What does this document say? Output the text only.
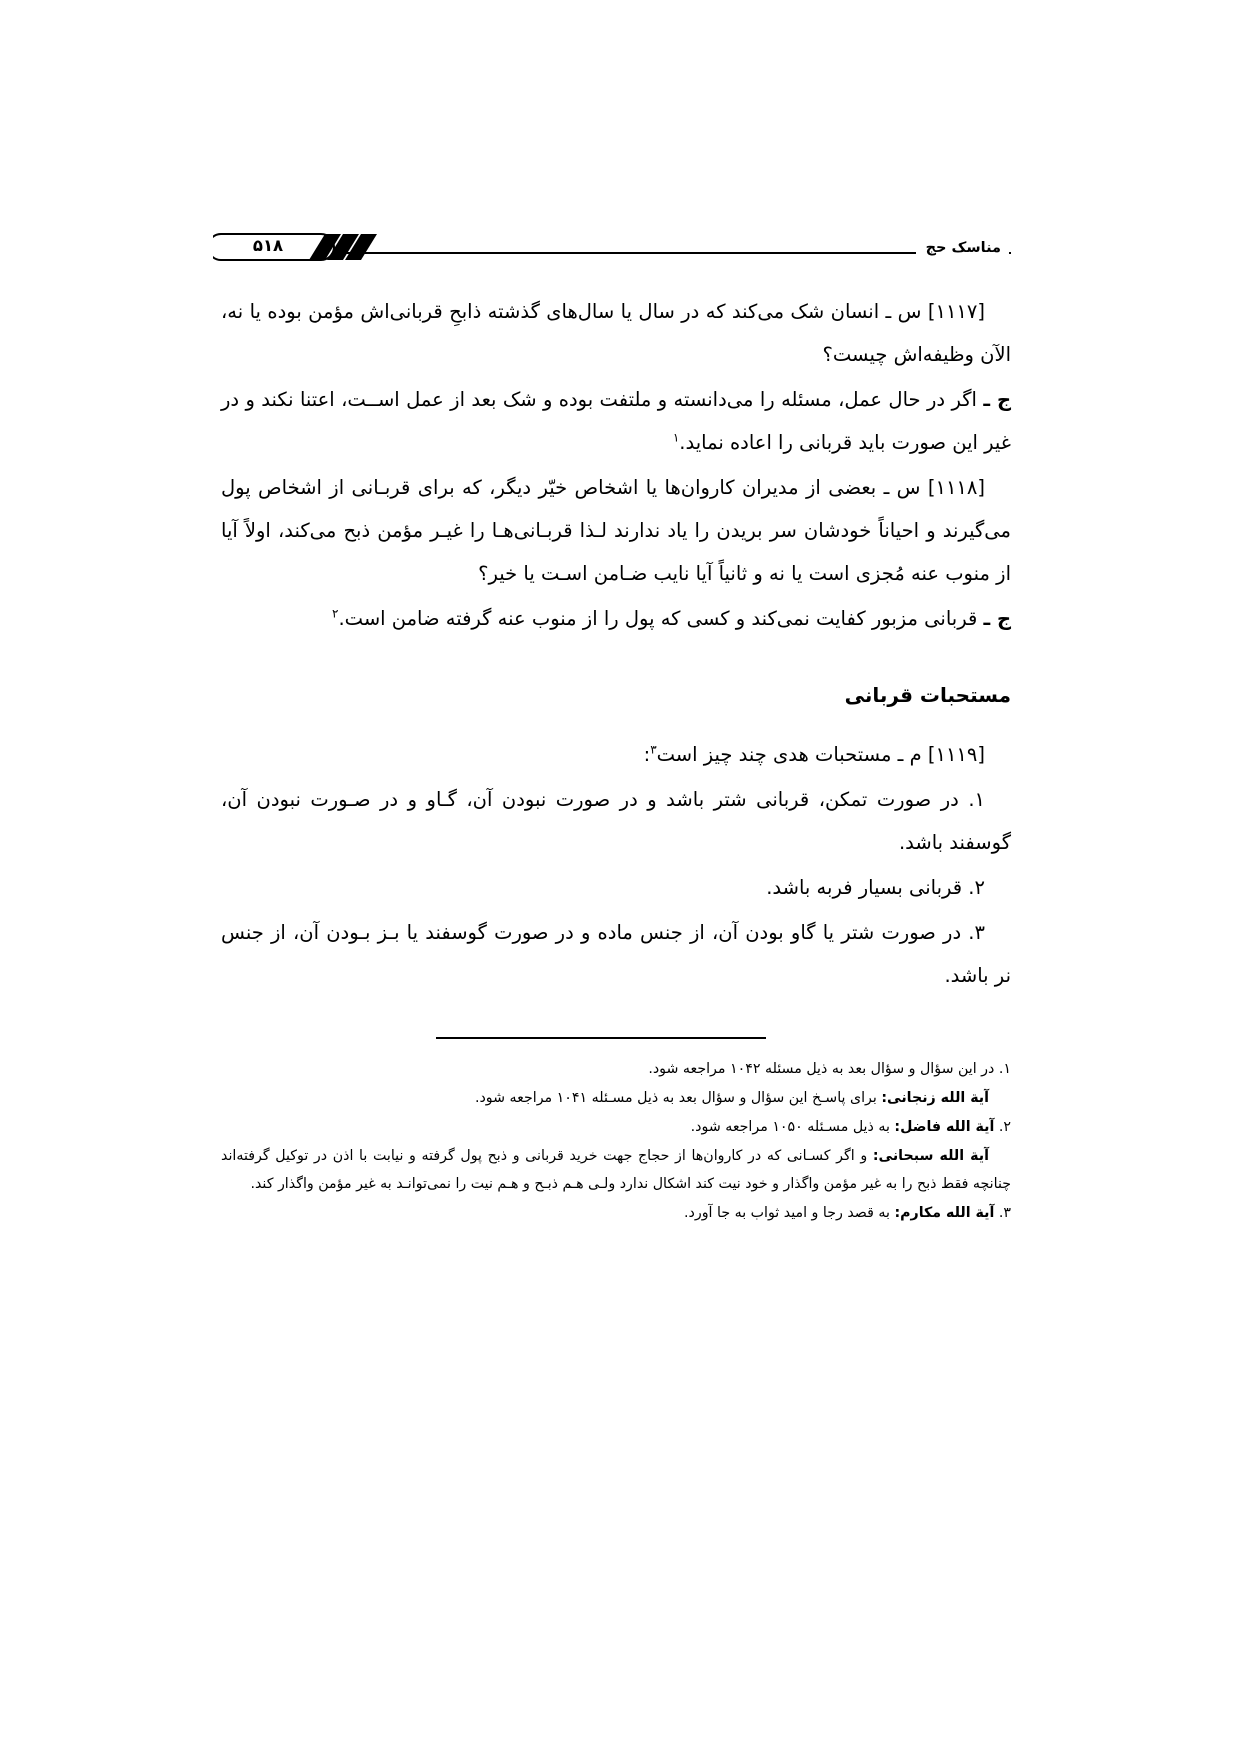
مناسک حج
۵۱۸

[۱۱۱۷] س ـ انسان شک می‌کند که در سال یا سال‌های گذشته ذابحِ قربانی‌اش مؤمن بوده یا نه، الآن وظیفه‌اش چیست؟

ج ـ اگر در حال عمل، مسئله را می‌دانسته و ملتفت بوده و شک بعد از عمل اســت، اعتنا نکند و در غیر این صورت باید قربانی را اعاده نماید.$^۱$

[۱۱۱۸] س ـ بعضی از مدیران کاروان‌ها یا اشخاص خیّر دیگر، که برای قربـانی از اشخاص پول می‌گیرند و احیاناً خودشان سر بریدن را یاد ندارند لـذا قربـانی‌هـا را غیـر مؤمن ذبح می‌کند، اولاً آیا از منوب عنه مُجزی است یا نه و ثانیاً آیا نایب ضـامن اسـت یا خیر؟

ج ـ قربانی مزبور کفایت نمی‌کند و کسی که پول را از منوب عنه گرفته ضامن است.$^۲$

مستحبات قربانی

[۱۱۱۹] م ـ مستحبات هدی چند چیز است$^۳$:

۱. در صورت تمکن، قربانی شتر باشد و در صورت نبودن آن، گـاو و در صـورت نبودن آن، گوسفند باشد.

۲. قربانی بسیار فربه باشد.

۳. در صورت شتر یا گاو بودن آن، از جنس ماده و در صورت گوسفند یا بـز بـودن آن، از جنس نر باشد.

۱. در این سؤال و سؤال بعد به ذیل مسئله ۱۰۴۲ مراجعه شود.

آیة الله زنجانی: برای پاسـخ این سؤال و سؤال بعد به ذیل مسـئله ۱۰۴۱ مراجعه شود.

۲. آیة الله فاضل: به ذیل مسـئله ۱۰۵۰ مراجعه شود.

آیة الله سبحانی: و اگر کسـانی که در کاروان‌ها از حجاج جهت خرید قربانی و ذبح پول گرفته و نیابت با اذن در توکیل گرفته‌اند چنانچه فقط ذبح را به غیر مؤمن واگذار و خود نیت کند اشکال ندارد ولـی هـم ذبـح و هـم نیت را نمی‌توانـد به غیر مؤمن واگذار کند.

۳. آیة الله مکارم: به قصد رجا و امید ثواب به جا آورد.
